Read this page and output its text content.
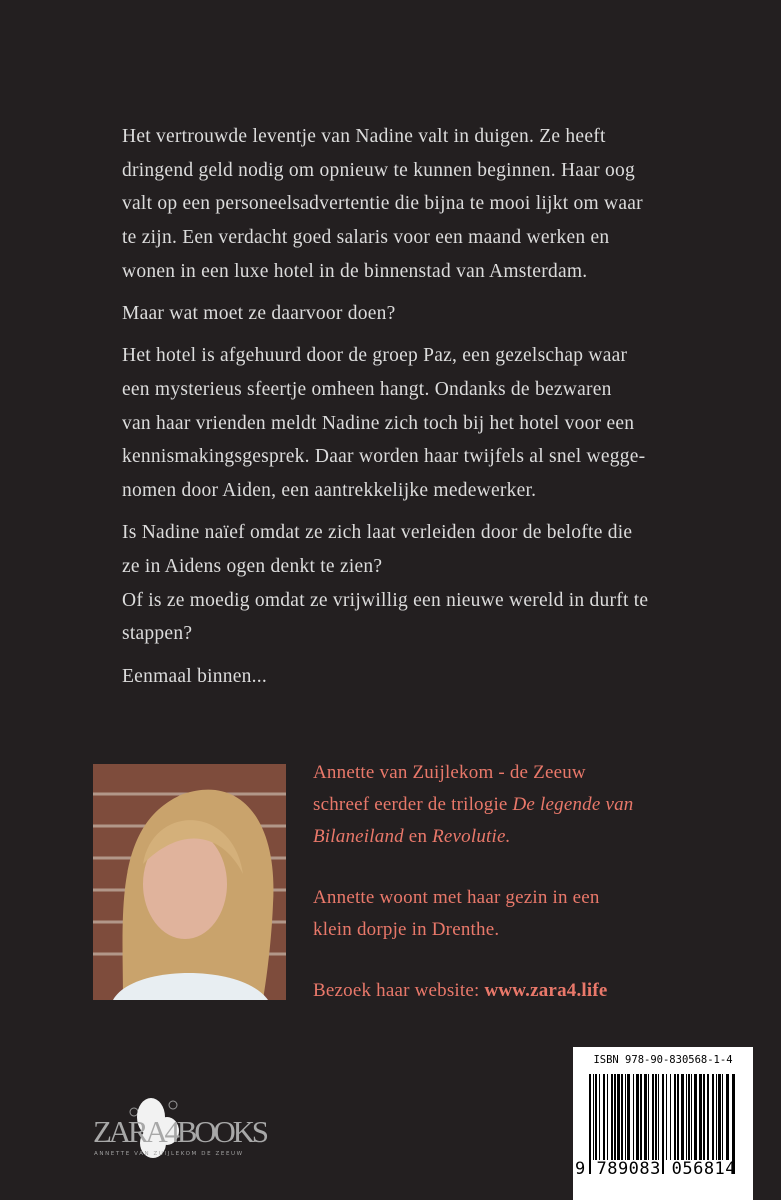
Het vertrouwde leventje van Nadine valt in duigen. Ze heeft
dringend geld nodig om opnieuw te kunnen beginnen. Haar oog
valt op een personeelsadvertentie die bijna te mooi lijkt om waar
te zijn. Een verdacht goed salaris voor een maand werken en
wonen in een luxe hotel in de binnenstad van Amsterdam.

Maar wat moet ze daarvoor doen?

Het hotel is afgehuurd door de groep Paz, een gezelschap waar
een mysterieus sfeertje omheen hangt. Ondanks de bezwaren
van haar vrienden meldt Nadine zich toch bij het hotel voor een
kennismakingsgesprek. Daar worden haar twijfels al snel wegge-
nomen door Aiden, een aantrekkelijke medewerker.

Is Nadine naïef omdat ze zich laat verleiden door de belofte die
ze in Aidens ogen denkt te zien?
Of is ze moedig omdat ze vrijwillig een nieuwe wereld in durft te
stappen?

Eenmaal binnen...

Annette van Zuijlekom - de Zeeuw
schreef eerder de trilogie De legende van
Bilaneiland en Revolutie.

Annette woont met haar gezin in een
klein dorpje in Drenthe.

Bezoek haar website: www.zara4.life

ZARA4BOOKS
ANNETTE VAN ZUIJLEKOM DE ZEEUW
ISBN 978-90-830568-1-4
9 789083 056814
